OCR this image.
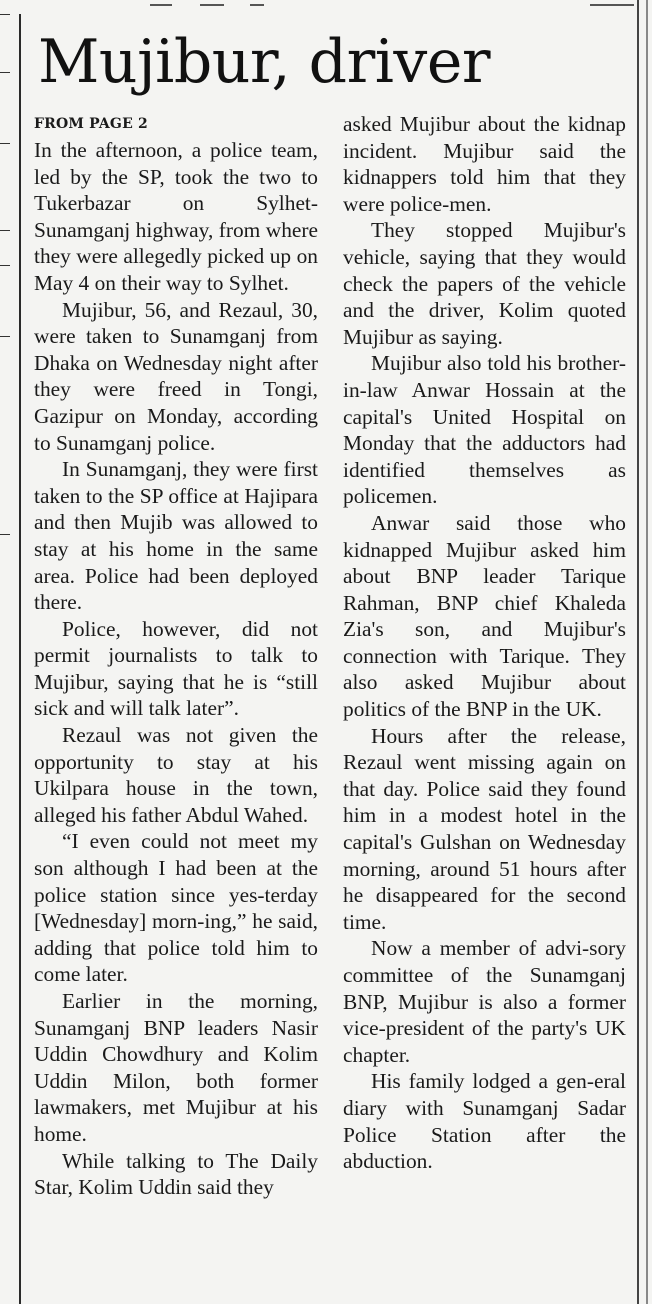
Mujibur, driver
FROM PAGE 2

In the afternoon, a police team, led by the SP, took the two to Tukerbazar on Sylhet-Sunamganj highway, from where they were allegedly picked up on May 4 on their way to Sylhet.

Mujibur, 56, and Rezaul, 30, were taken to Sunamganj from Dhaka on Wednesday night after they were freed in Tongi, Gazipur on Monday, according to Sunamganj police.

In Sunamganj, they were first taken to the SP office at Hajipara and then Mujib was allowed to stay at his home in the same area. Police had been deployed there.

Police, however, did not permit journalists to talk to Mujibur, saying that he is “still sick and will talk later”.

Rezaul was not given the opportunity to stay at his Ukilpara house in the town, alleged his father Abdul Wahed.

“I even could not meet my son although I had been at the police station since yes-terday [Wednesday] morn-ing,” he said, adding that police told him to come later.

Earlier in the morning, Sunamganj BNP leaders Nasir Uddin Chowdhury and Kolim Uddin Milon, both former lawmakers, met Mujibur at his home.

While talking to The Daily Star, Kolim Uddin said they

asked Mujibur about the kidnap incident. Mujibur said the kidnappers told him that they were police-men.

They stopped Mujibur's vehicle, saying that they would check the papers of the vehicle and the driver, Kolim quoted Mujibur as saying.

Mujibur also told his brother-in-law Anwar Hossain at the capital's United Hospital on Monday that the adductors had identified themselves as policemen.

Anwar said those who kidnapped Mujibur asked him about BNP leader Tarique Rahman, BNP chief Khaleda Zia's son, and Mujibur's connection with Tarique. They also asked Mujibur about politics of the BNP in the UK.

Hours after the release, Rezaul went missing again on that day. Police said they found him in a modest hotel in the capital's Gulshan on Wednesday morning, around 51 hours after he disappeared for the second time.

Now a member of advi-sory committee of the Sunamganj BNP, Mujibur is also a former vice-president of the party's UK chapter.

His family lodged a gen-eral diary with Sunamganj Sadar Police Station after the abduction.
